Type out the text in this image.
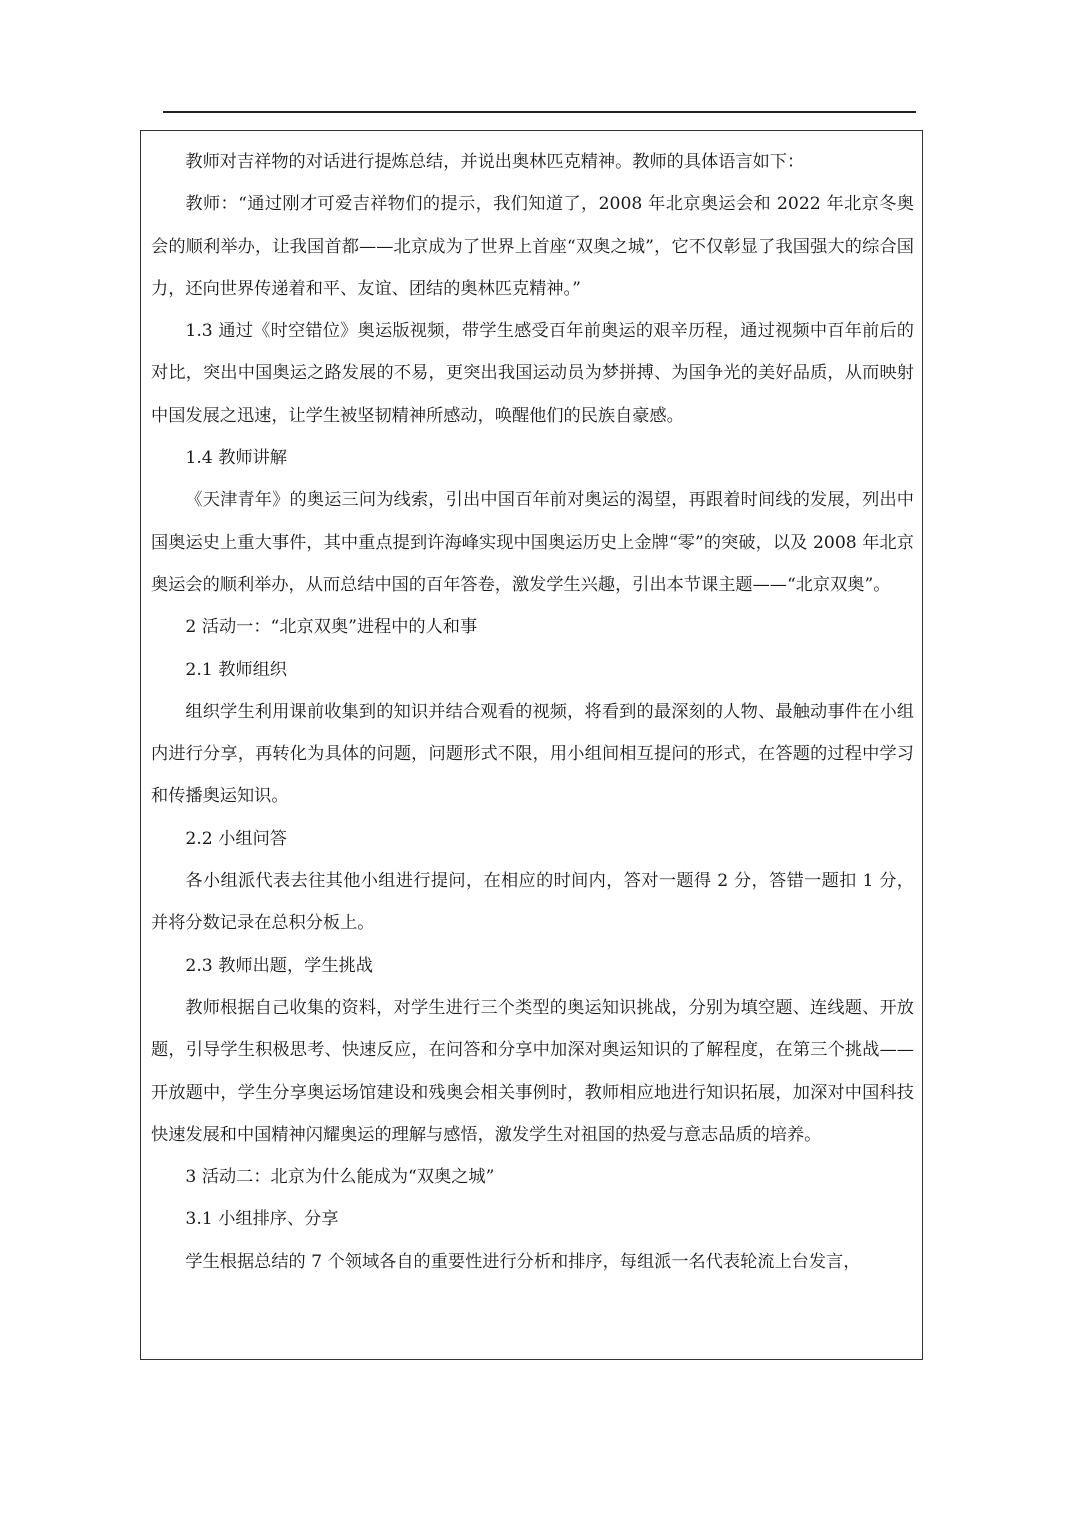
教师对吉祥物的对话进行提炼总结，并说出奥林匹克精神。教师的具体语言如下：

教师：“通过刚才可爱吉祥物们的提示，我们知道了，2008 年北京奥运会和 2022 年北京冬奥会的顺利举办，让我国首都——北京成为了世界上首座“双奥之城”，它不仅彰显了我国强大的综合国力，还向世界传递着和平、友谊、团结的奥林匹克精神。”

1.3 通过《时空错位》奥运版视频，带学生感受百年前奥运的艰辛历程，通过视频中百年前后的对比，突出中国奥运之路发展的不易，更突出我国运动员为梦拼搏、为国争光的美好品质，从而映射中国发展之迅速，让学生被坚韧精神所感动，唤醒他们的民族自豪感。

1.4 教师讲解

《天津青年》的奥运三问为线索，引出中国百年前对奥运的渴望，再跟着时间线的发展，列出中国奥运史上重大事件，其中重点提到许海峰实现中国奥运历史上金牌“零”的突破，以及 2008 年北京奥运会的顺利举办，从而总结中国的百年答卷，激发学生兴趣，引出本节课主题——“北京双奥”。

2 活动一：“北京双奥”进程中的人和事

2.1 教师组织

组织学生利用课前收集到的知识并结合观看的视频，将看到的最深刻的人物、最触动事件在小组内进行分享，再转化为具体的问题，问题形式不限，用小组间相互提问的形式，在答题的过程中学习和传播奥运知识。

2.2 小组问答

各小组派代表去往其他小组进行提问，在相应的时间内，答对一题得 2 分，答错一题扣 1 分，并将分数记录在总积分板上。

2.3 教师出题，学生挑战

教师根据自己收集的资料，对学生进行三个类型的奥运知识挑战，分别为填空题、连线题、开放题，引导学生积极思考、快速反应，在问答和分享中加深对奥运知识的了解程度，在第三个挑战——开放题中，学生分享奥运场馆建设和残奥会相关事例时，教师相应地进行知识拓展，加深对中国科技快速发展和中国精神闪耀奥运的理解与感悟，激发学生对祖国的热爱与意志品质的培养。

3 活动二：北京为什么能成为“双奥之城”

3.1 小组排序、分享

学生根据总结的 7 个领域各自的重要性进行分析和排序，每组派一名代表轮流上台发言，
